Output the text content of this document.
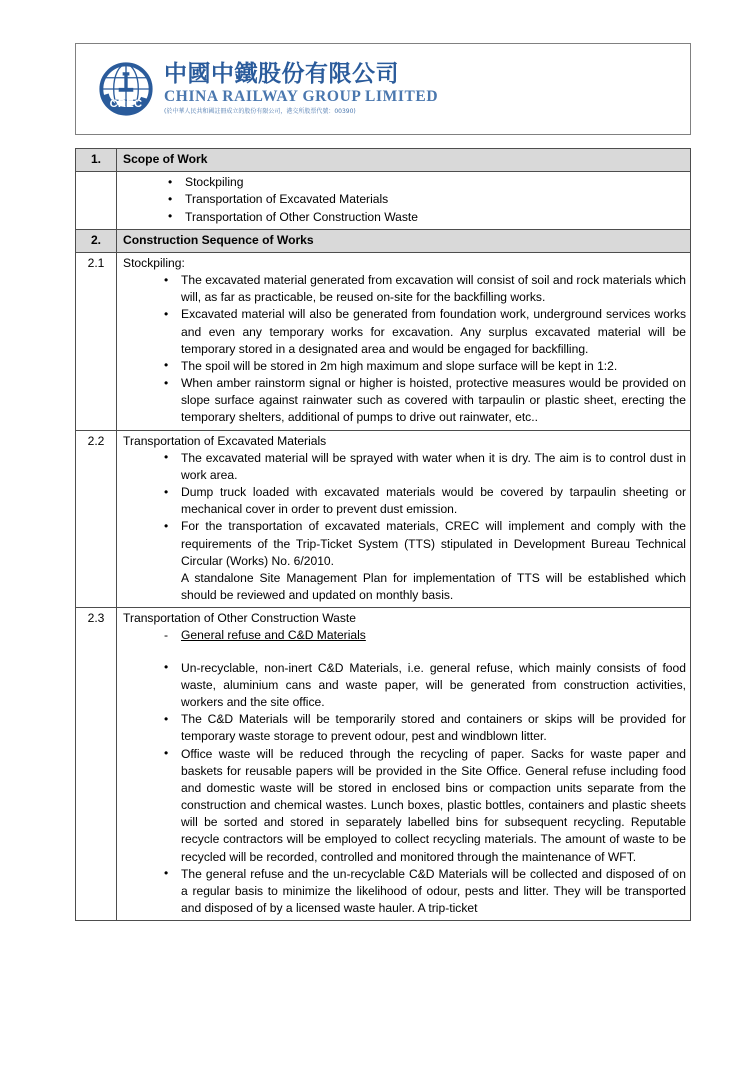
CREC
中國中鐵股份有限公司
CHINA RAILWAY GROUP LIMITED
(於中華人民共和國註冊成立的股份有限公司，港交所股票代號：00390)
1.	Scope of Work

• Stockpiling
• Transportation of Excavated Materials
• Transportation of Other Construction Waste

2.	Construction Sequence of Works
2.1	Stockpiling:

• The excavated material generated from excavation will consist of soil and rock materials which will, as far as practicable, be reused on-site for the backfilling works.
• Excavated material will also be generated from foundation work, underground services works and even any temporary works for excavation. Any surplus excavated material will be temporary stored in a designated area and would be engaged for backfilling.
• The spoil will be stored in 2m high maximum and slope surface will be kept in 1:2.
• When amber rainstorm signal or higher is hoisted, protective measures would be provided on slope surface against rainwater such as covered with tarpaulin or plastic sheet, erecting the temporary shelters, additional of pumps to drive out rainwater, etc..

2.2	Transportation of Excavated Materials

• The excavated material will be sprayed with water when it is dry. The aim is to control dust in work area.
• Dump truck loaded with excavated materials would be covered by tarpaulin sheeting or mechanical cover in order to prevent dust emission.
• For the transportation of excavated materials, CREC will implement and comply with the requirements of the Trip-Ticket System (TTS) stipulated in Development Bureau Technical Circular (Works) No. 6/2010.

A standalone Site Management Plan for implementation of TTS will be established which should be reviewed and updated on monthly basis.

2.3	Transportation of Other Construction Waste

- General refuse and C&D Materials

• Un-recyclable, non-inert C&D Materials, i.e. general refuse, which mainly consists of food waste, aluminium cans and waste paper, will be generated from construction activities, workers and the site office.
• The C&D Materials will be temporarily stored and containers or skips will be provided for temporary waste storage to prevent odour, pest and windblown litter.
• Office waste will be reduced through the recycling of paper. Sacks for waste paper and baskets for reusable papers will be provided in the Site Office. General refuse including food and domestic waste will be stored in enclosed bins or compaction units separate from the construction and chemical wastes. Lunch boxes, plastic bottles, containers and plastic sheets will be sorted and stored in separately labelled bins for subsequent recycling. Reputable recycle contractors will be employed to collect recycling materials. The amount of waste to be recycled will be recorded, controlled and monitored through the maintenance of WFT.
• The general refuse and the un-recyclable C&D Materials will be collected and disposed of on a regular basis to minimize the likelihood of odour, pests and litter. They will be transported and disposed of by a licensed waste hauler. A trip-ticket
